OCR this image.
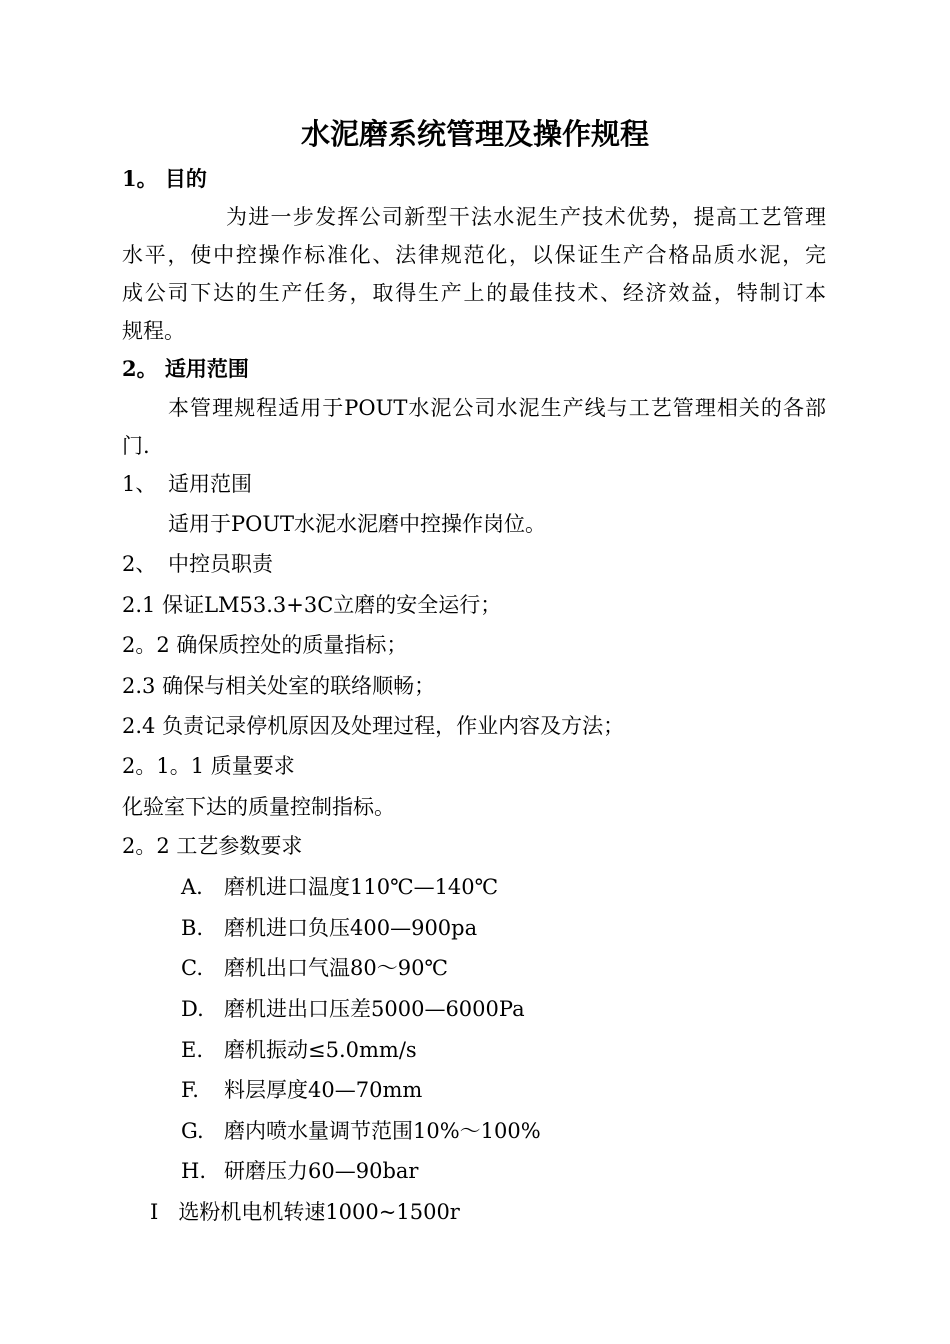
水泥磨系统管理及操作规程
1。 目的
为进一步发挥公司新型干法水泥生产技术优势，提高工艺管理
水平，使中控操作标准化、法律规范化，以保证生产合格品质水泥，完
成公司下达的生产任务，取得生产上的最佳技术、经济效益，特制订本
规程。
2。 适用范围
本管理规程适用于POUT水泥公司水泥生产线与工艺管理相关的各部
门.
1、 适用范围
适用于POUT水泥水泥磨中控操作岗位。
2、 中控员职责
2.1 保证LM53.3+3C立磨的安全运行；
2。2 确保质控处的质量指标；
2.3 确保与相关处室的联络顺畅；
2.4 负责记录停机原因及处理过程，作业内容及方法；
2。1。1 质量要求
化验室下达的质量控制指标。
2。2 工艺参数要求
A. 磨机进口温度110℃—140℃
B. 磨机进口负压400—900pa
C. 磨机出口气温80～90℃
D. 磨机进出口压差5000—6000Pa
E. 磨机振动≤5.0mm/s
F. 料层厚度40—70mm
G. 磨内喷水量调节范围10%～100%
H. 研磨压力60—90bar
I   选粉机电机转速1000~1500r
